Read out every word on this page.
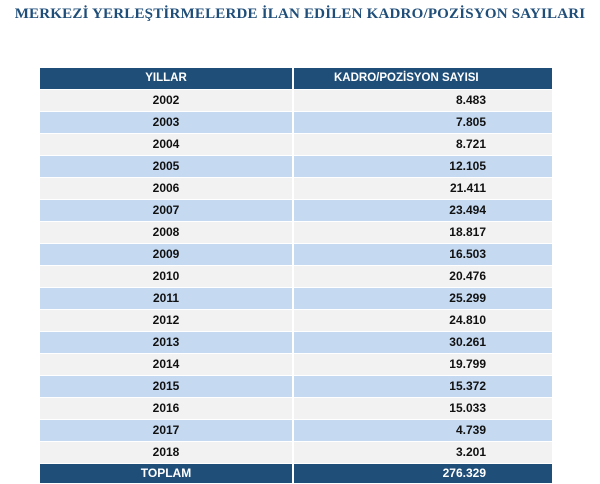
MERKEZİ YERLEŞTİRMELERDE İLAN EDİLEN KADRO/POZİSYON SAYILARI
YILLAR	KADRO/POZİSYON SAYISI
2002	8.483
2003	7.805
2004	8.721
2005	12.105
2006	21.411
2007	23.494
2008	18.817
2009	16.503
2010	20.476
2011	25.299
2012	24.810
2013	30.261
2014	19.799
2015	15.372
2016	15.033
2017	4.739
2018	3.201
TOPLAM	276.329
